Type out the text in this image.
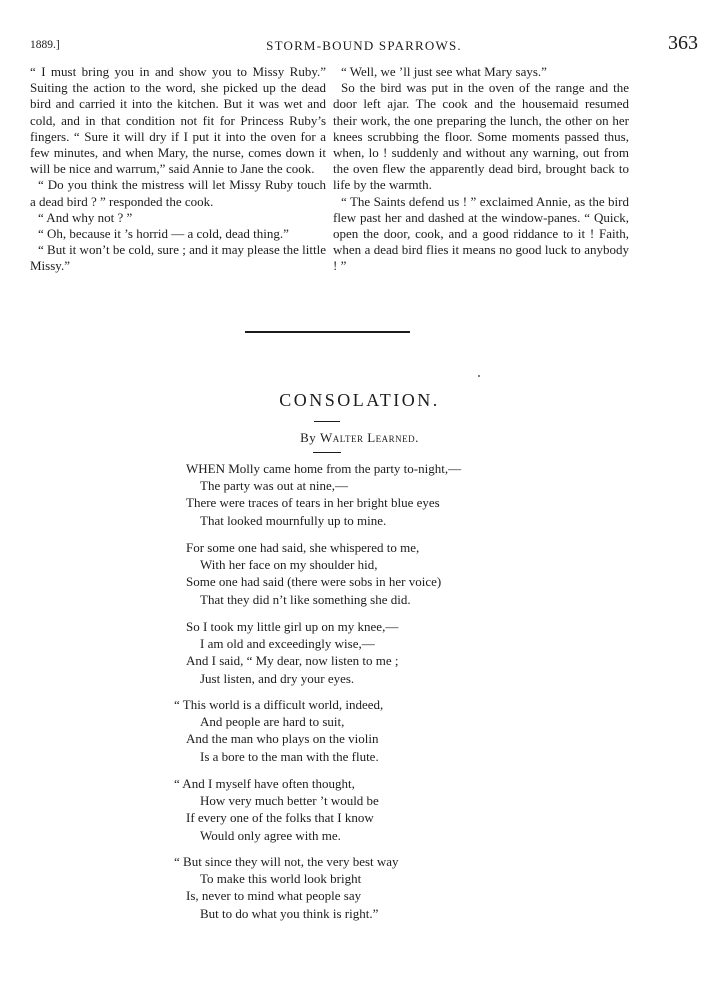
1889.]	STORM-BOUND SPARROWS.	363

“ I must bring you in and show you to Missy Ruby.” Suiting the action to the word, she picked up the dead bird and carried it into the kitchen. But it was wet and cold, and in that condition not fit for Princess Ruby’s fingers. “ Sure it will dry if I put it into the oven for a few minutes, and when Mary, the nurse, comes down it will be nice and warrum,” said Annie to Jane the cook.

“ Do you think the mistress will let Missy Ruby touch a dead bird ? ” responded the cook.

“ And why not ? ”

“ Oh, because it ’s horrid — a cold, dead thing.”

“ But it won’t be cold, sure ; and it may please the little Missy.”

“ Well, we ’ll just see what Mary says.”

So the bird was put in the oven of the range and the door left ajar. The cook and the housemaid resumed their work, the one preparing the lunch, the other on her knees scrubbing the floor. Some moments passed thus, when, lo ! suddenly and without any warning, out from the oven flew the apparently dead bird, brought back to life by the warmth.

“ The Saints defend us ! ” exclaimed Annie, as the bird flew past her and dashed at the window-panes. “ Quick, open the door, cook, and a good riddance to it ! Faith, when a dead bird flies it means no good luck to anybody ! ”

CONSOLATION.
By Walter Learned.
WHEN Molly came home from the party to-night,—
The party was out at nine,—
There were traces of tears in her bright blue eyes
That looked mournfully up to mine.
For some one had said, she whispered to me,
With her face on my shoulder hid,
Some one had said (there were sobs in her voice)
That they did n’t like something she did.
So I took my little girl up on my knee,—
I am old and exceedingly wise,—
And I said, “ My dear, now listen to me ;
Just listen, and dry your eyes.
“ This world is a difficult world, indeed,
And people are hard to suit,
And the man who plays on the violin
Is a bore to the man with the flute.
“ And I myself have often thought,
How very much better ’t would be
If every one of the folks that I know
Would only agree with me.
“ But since they will not, the very best way
To make this world look bright
Is, never to mind what people say
But to do what you think is right.”
